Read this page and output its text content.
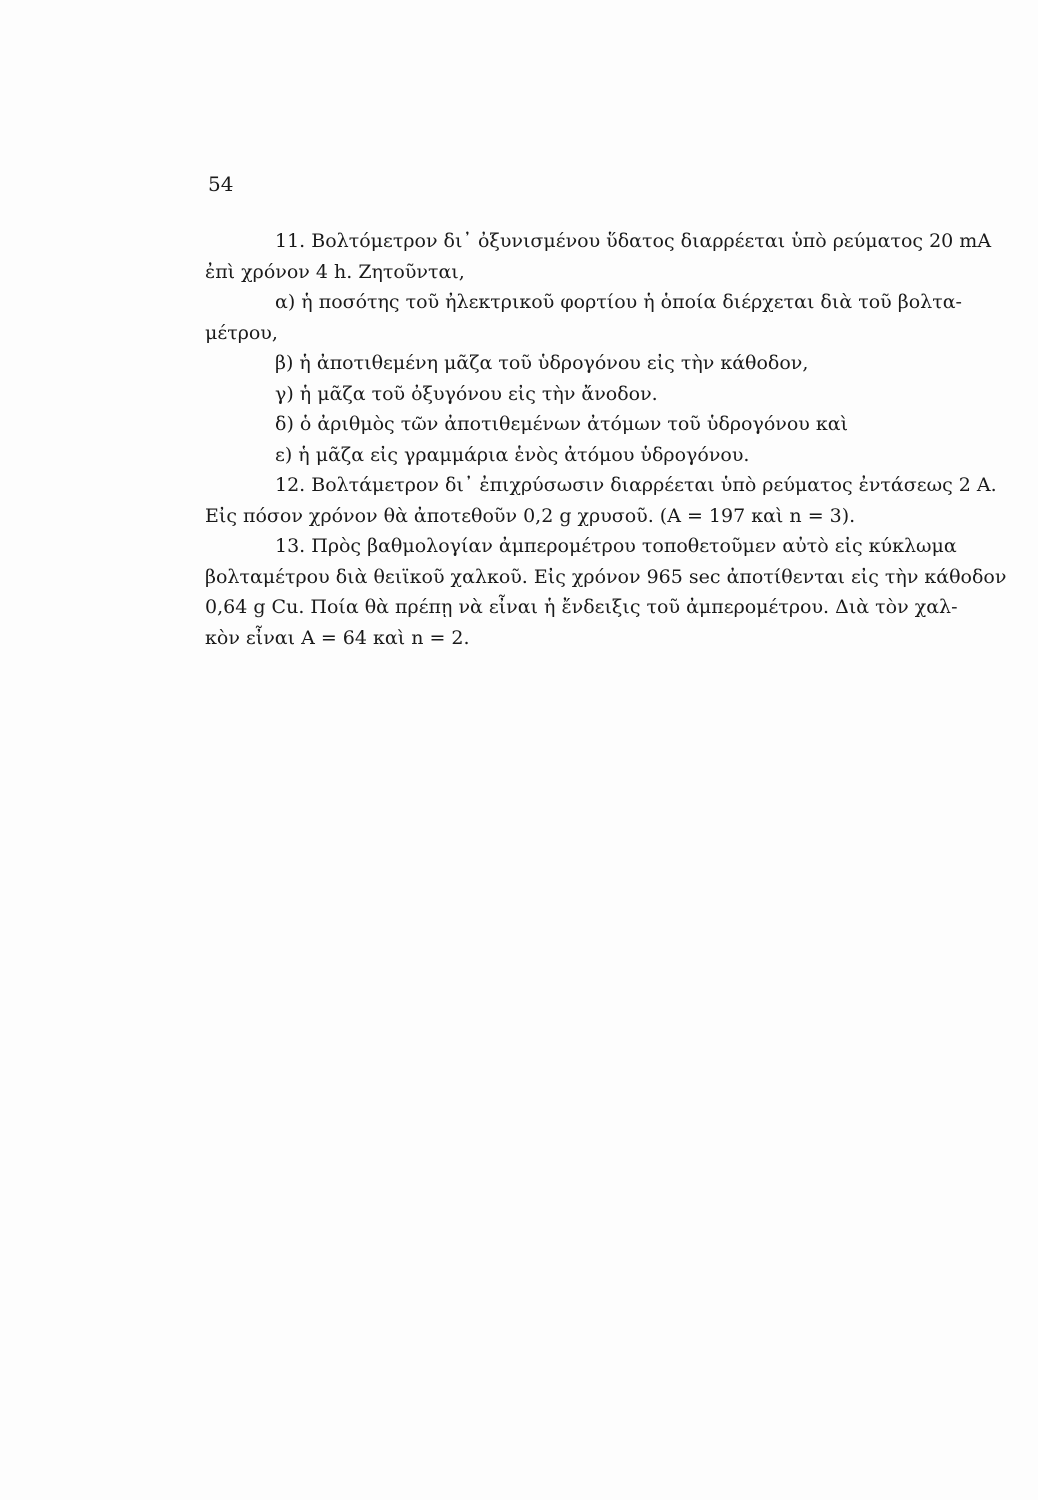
54
11. Βολτόμετρον δι᾽ ὀξυνισμένου ὕδατος διαρρέεται ὑπὸ ρεύματος 20 mA
ἐπὶ χρόνον 4 h. Ζητοῦνται,
α) ἡ ποσότης τοῦ ἠλεκτρικοῦ φορτίου ἡ ὁποία διέρχεται διὰ τοῦ βολτα-
μέτρου,
β) ἡ ἀποτιθεμένη μᾶζα τοῦ ὑδρογόνου εἰς τὴν κάθοδον,
γ) ἡ μᾶζα τοῦ ὀξυγόνου εἰς τὴν ἄνοδον.
δ) ὁ ἀριθμὸς τῶν ἀποτιθεμένων ἀτόμων τοῦ ὑδρογόνου καὶ
ε) ἡ μᾶζα εἰς γραμμάρια ἑνὸς ἀτόμου ὑδρογόνου.
12. Βολτάμετρον δι᾽ ἐπιχρύσωσιν διαρρέεται ὑπὸ ρεύματος ἐντάσεως 2 A.
Εἰς πόσον χρόνον θὰ ἀποτεθοῦν 0,2 g χρυσοῦ. (A = 197 καὶ n = 3).
13. Πρὸς βαθμολογίαν ἀμπερομέτρου τοποθετοῦμεν αὐτὸ εἰς κύκλωμα
βολταμέτρου διὰ θειϊκοῦ χαλκοῦ. Εἰς χρόνον 965 sec ἀποτίθενται εἰς τὴν κάθοδον
0,64 g Cu. Ποία θὰ πρέπῃ νὰ εἶναι ἡ ἔνδειξις τοῦ ἀμπερομέτρου. Διὰ τὸν χαλ-
κὸν εἶναι A = 64 καὶ n = 2.
